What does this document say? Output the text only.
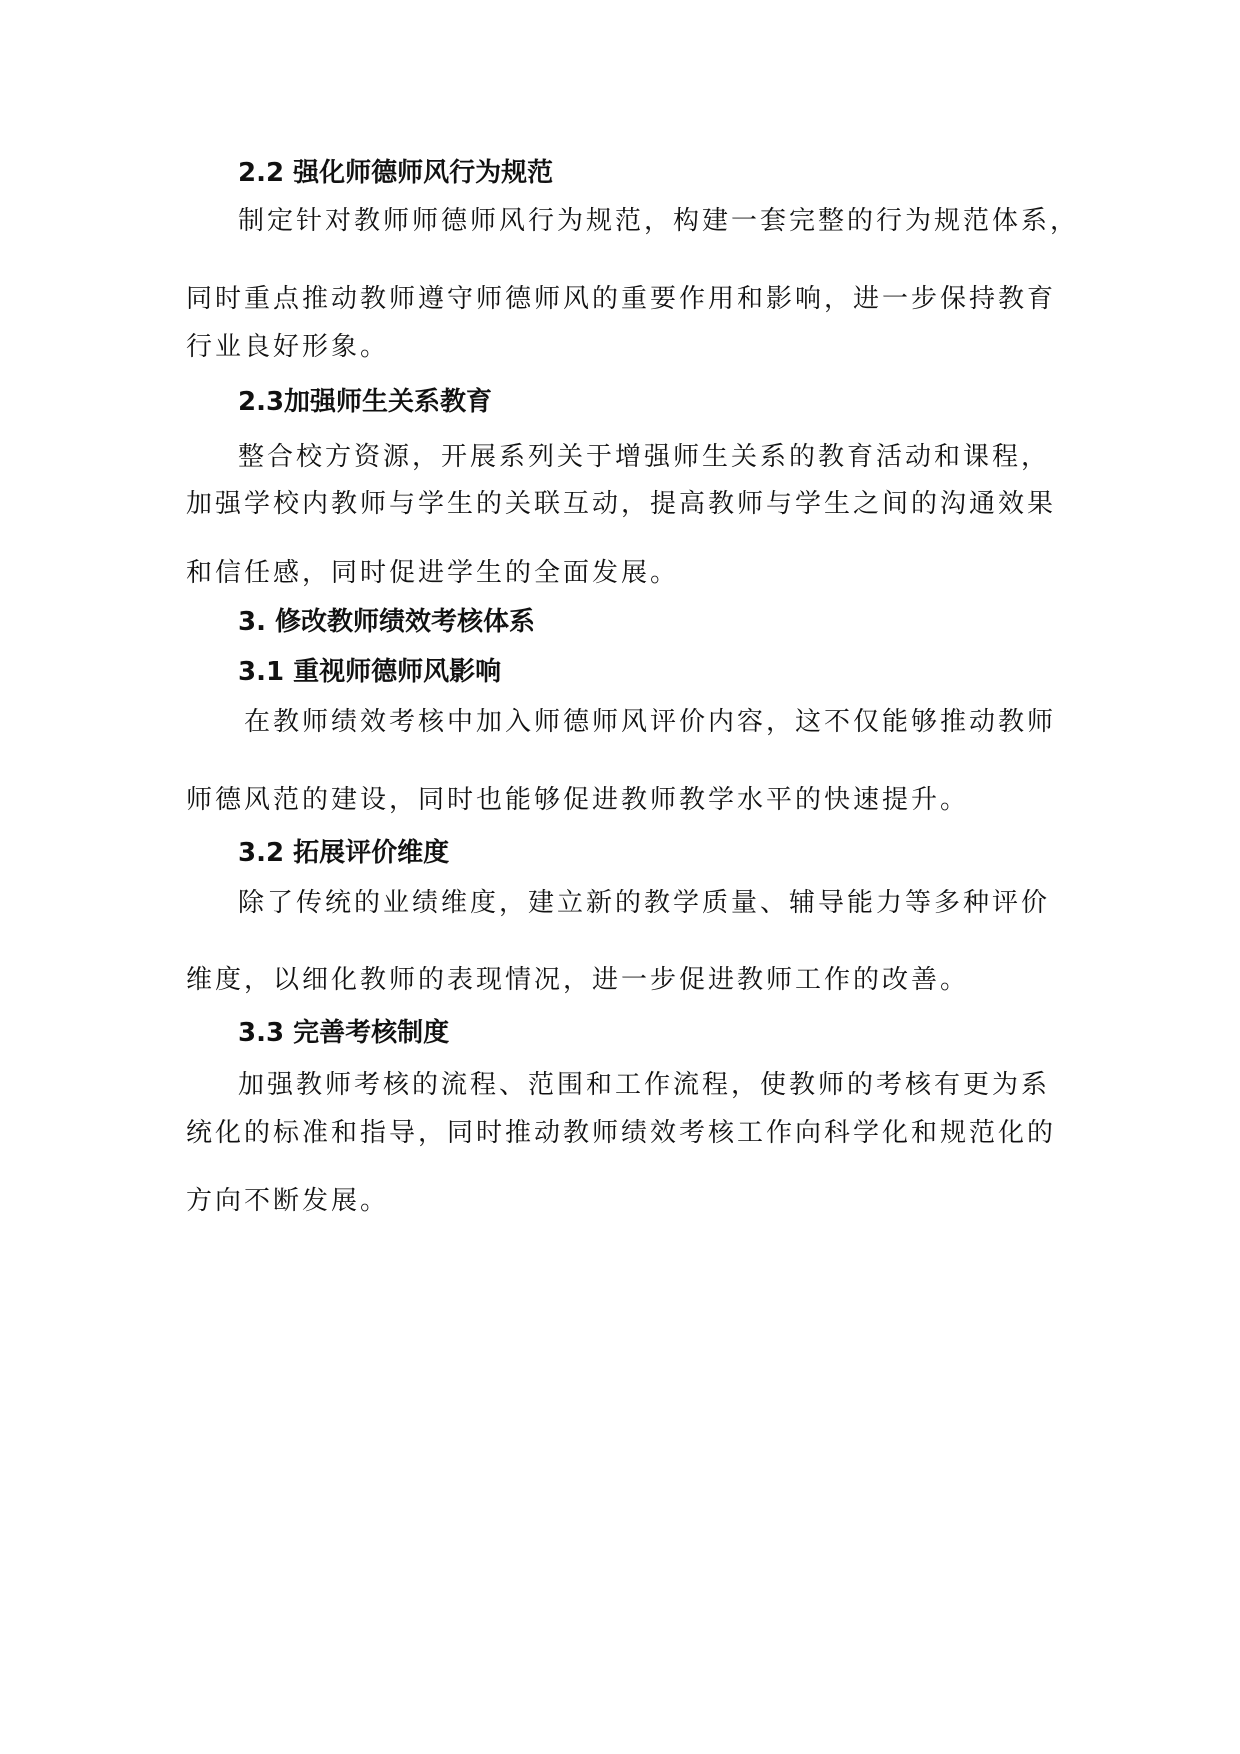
2.2 强化师德师风行为规范
制定针对教师师德师风行为规范，构建一套完整的行为规范体系，
同时重点推动教师遵守师德师风的重要作用和影响，进一步保持教育
行业良好形象。
2.3加强师生关系教育
整合校方资源，开展系列关于增强师生关系的教育活动和课程，
加强学校内教师与学生的关联互动，提高教师与学生之间的沟通效果
和信任感，同时促进学生的全面发展。
3. 修改教师绩效考核体系
3.1 重视师德师风影响
在教师绩效考核中加入师德师风评价内容，这不仅能够推动教师
师德风范的建设，同时也能够促进教师教学水平的快速提升。
3.2 拓展评价维度
除了传统的业绩维度，建立新的教学质量、辅导能力等多种评价
维度，以细化教师的表现情况，进一步促进教师工作的改善。
3.3 完善考核制度
加强教师考核的流程、范围和工作流程，使教师的考核有更为系
统化的标准和指导，同时推动教师绩效考核工作向科学化和规范化的
方向不断发展。
